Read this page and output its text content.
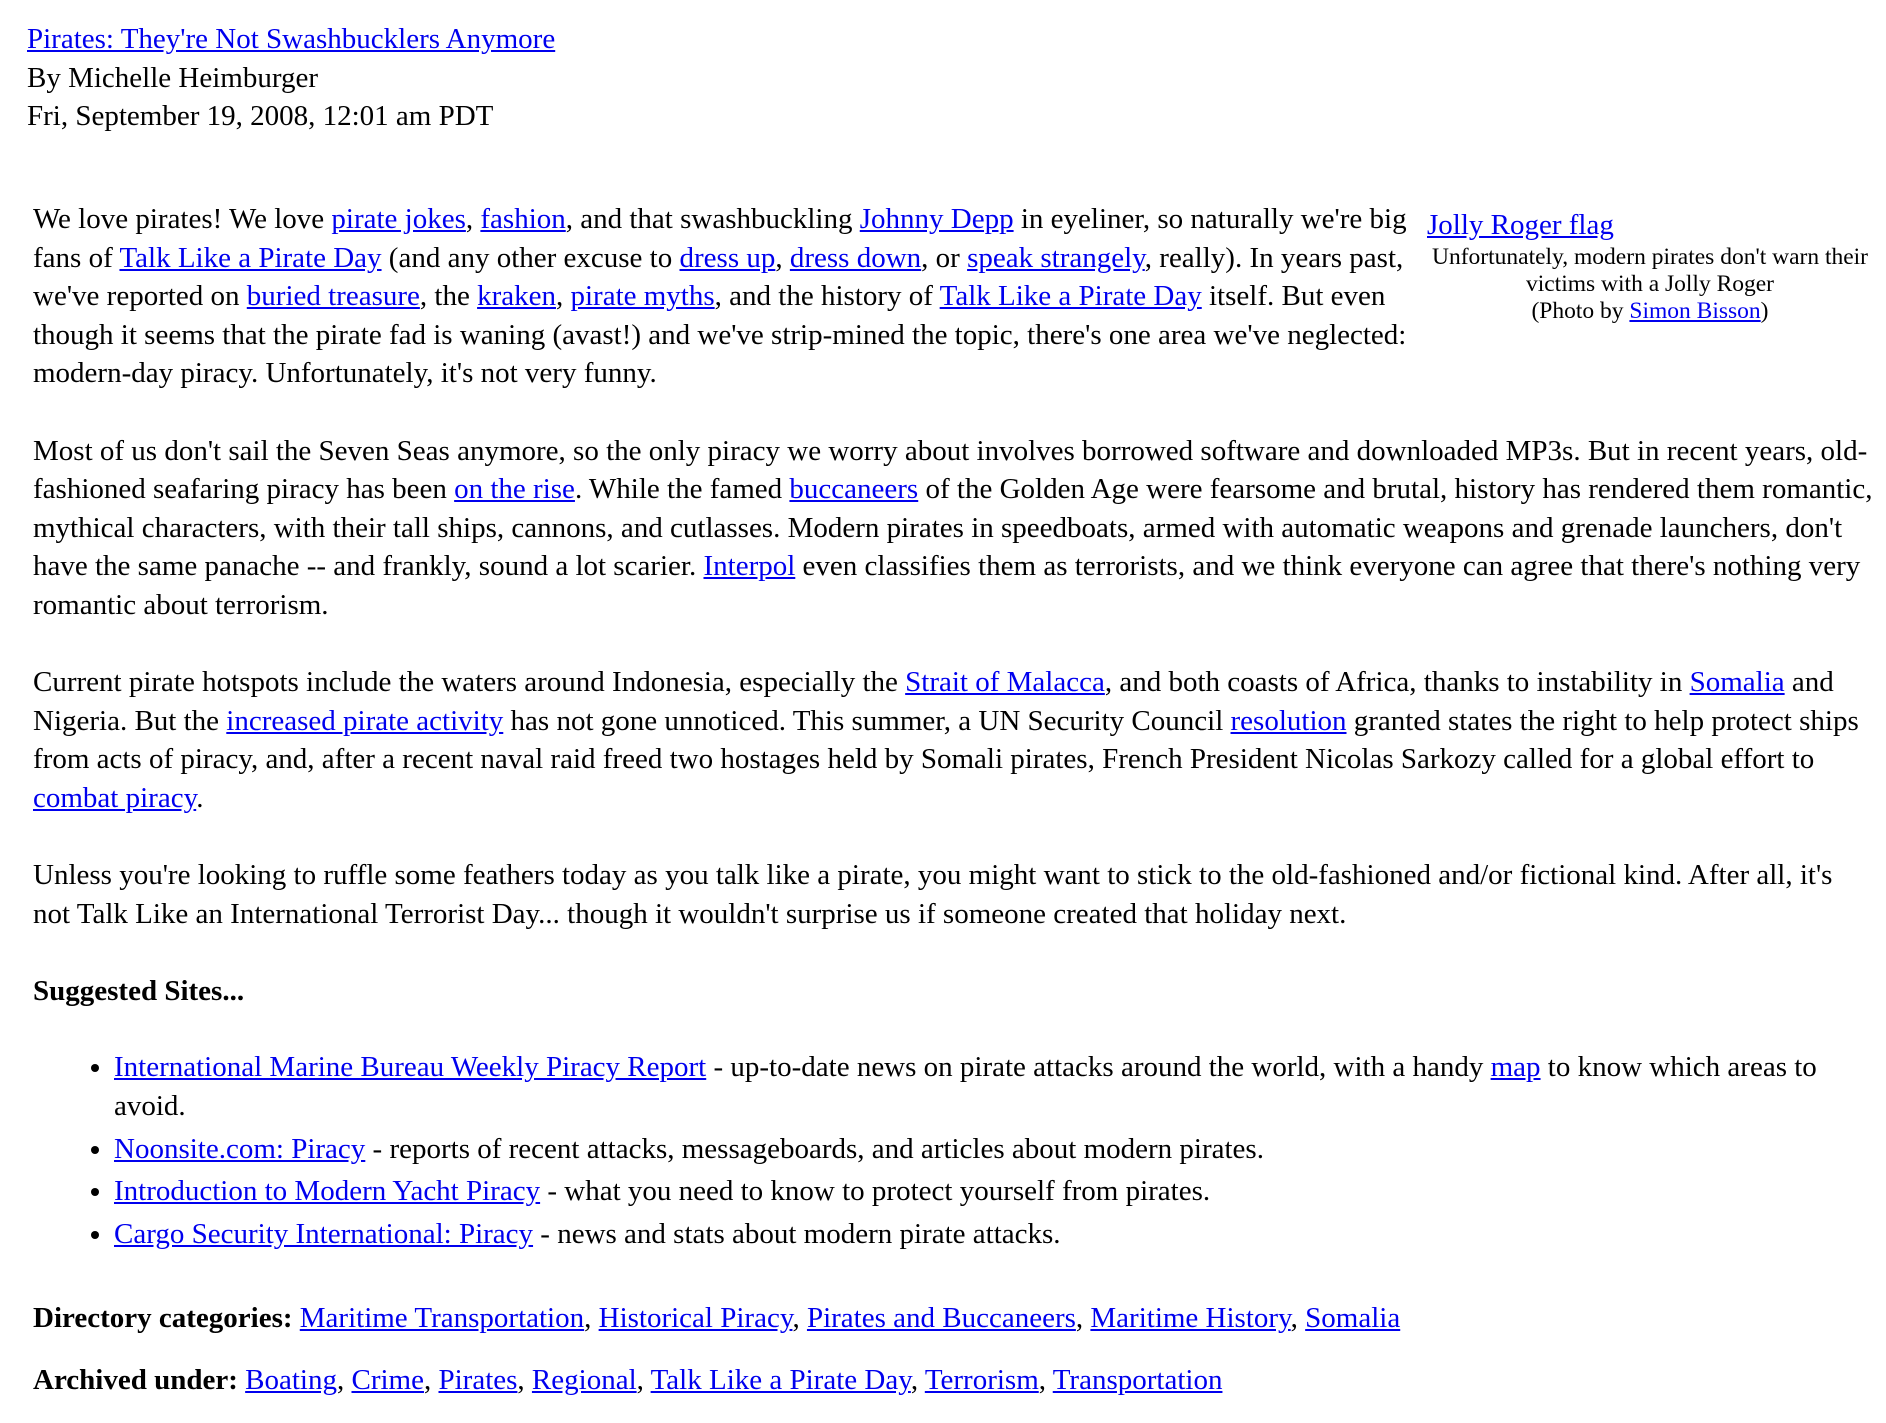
Pirates: They're Not Swashbucklers Anymore
By Michelle Heimburger
Fri, September 19, 2008, 12:01 am PDT
Jolly Roger flag
Unfortunately, modern pirates don't warn their victims with a Jolly Roger
(Photo by Simon Bisson)

We love pirates! We love pirate jokes, fashion, and that swashbuckling Johnny Depp in eyeliner, so naturally we're big fans of Talk Like a Pirate Day (and any other excuse to dress up, dress down, or speak strangely, really). In years past, we've reported on buried treasure, the kraken, pirate myths, and the history of Talk Like a Pirate Day itself. But even though it seems that the pirate fad is waning (avast!) and we've strip-mined the topic, there's one area we've neglected: modern-day piracy. Unfortunately, it's not very funny.

Most of us don't sail the Seven Seas anymore, so the only piracy we worry about involves borrowed software and downloaded MP3s. But in recent years, old-fashioned seafaring piracy has been on the rise. While the famed buccaneers of the Golden Age were fearsome and brutal, history has rendered them romantic, mythical characters, with their tall ships, cannons, and cutlasses. Modern pirates in speedboats, armed with automatic weapons and grenade launchers, don't have the same panache -- and frankly, sound a lot scarier. Interpol even classifies them as terrorists, and we think everyone can agree that there's nothing very romantic about terrorism.

Current pirate hotspots include the waters around Indonesia, especially the Strait of Malacca, and both coasts of Africa, thanks to instability in Somalia and Nigeria. But the increased pirate activity has not gone unnoticed. This summer, a UN Security Council resolution granted states the right to help protect ships from acts of piracy, and, after a recent naval raid freed two hostages held by Somali pirates, French President Nicolas Sarkozy called for a global effort to combat piracy.

Unless you're looking to ruffle some feathers today as you talk like a pirate, you might want to stick to the old-fashioned and/or fictional kind. After all, it's not Talk Like an International Terrorist Day... though it wouldn't surprise us if someone created that holiday next.

Suggested Sites...
• International Marine Bureau Weekly Piracy Report - up-to-date news on pirate attacks around the world, with a handy map to know which areas to avoid.
• Noonsite.com: Piracy - reports of recent attacks, messageboards, and articles about modern pirates.
• Introduction to Modern Yacht Piracy - what you need to know to protect yourself from pirates.
• Cargo Security International: Piracy - news and stats about modern pirate attacks.
Directory categories: Maritime Transportation, Historical Piracy, Pirates and Buccaneers, Maritime History, Somalia
Archived under: Boating, Crime, Pirates, Regional, Talk Like a Pirate Day, Terrorism, Transportation
